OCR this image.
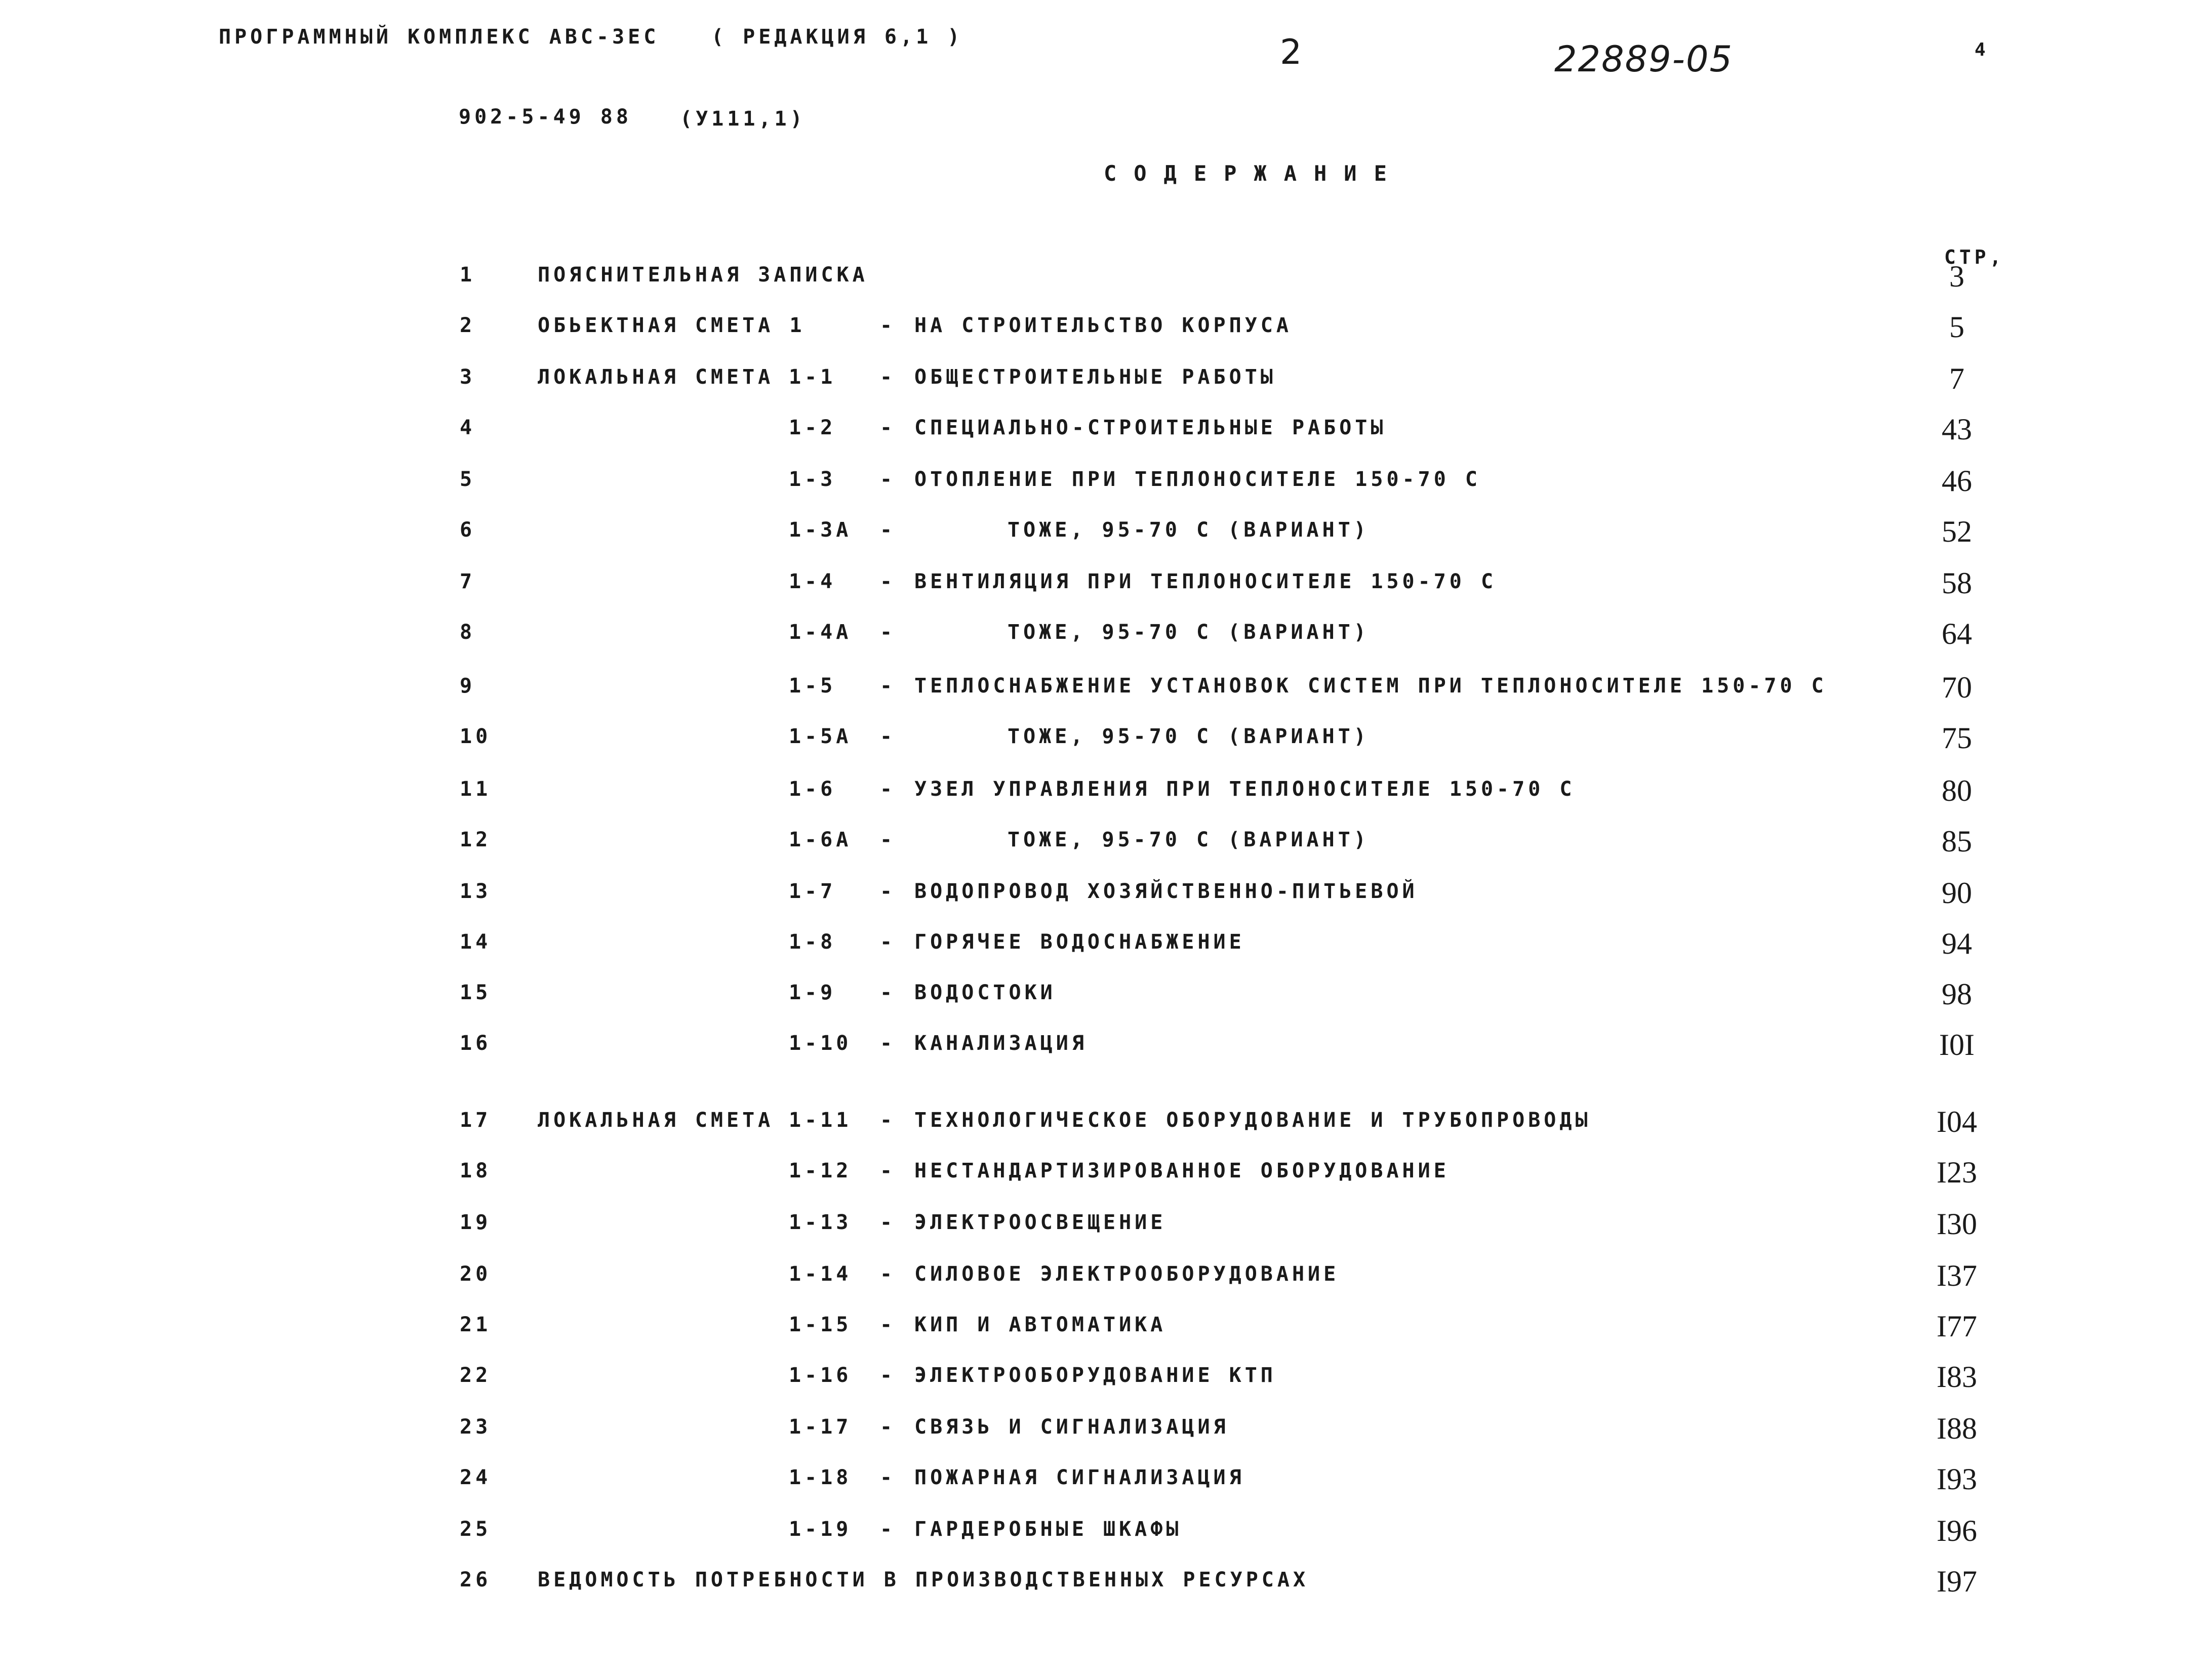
ПРОГРАММНЫЙ КОМПЛЕКС АВС-3ЕС	( РЕДАКЦИЯ 6,1 )	2	22889-05	4
902-5-49 88 (У111,1)
СОДЕРЖАНИЕ
СТР,
1	ПОЯСНИТЕЛЬНАЯ ЗАПИСКА	3
2	ОБЬЕКТНАЯ СМЕТА 1	- НА СТРОИТЕЛЬСТВО КОРПУСА	5
3	ЛОКАЛЬНАЯ СМЕТА 1-1 - ОБЩЕСТРОИТЕЛЬНЫЕ РАБОТЫ	7
4	1-2 - СПЕЦИАЛЬНО-СТРОИТЕЛЬНЫЕ РАБОТЫ	43
5	1-3 - ОТОПЛЕНИЕ ПРИ ТЕПЛОНОСИТЕЛЕ 150-70 С	46
6	1-3А -	ТОЖЕ, 95-70 С (ВАРИАНТ)	52
7	1-4 - ВЕНТИЛЯЦИЯ ПРИ ТЕПЛОНОСИТЕЛЕ 150-70 С	58
8	1-4А -	ТОЖЕ, 95-70 С (ВАРИАНТ)	64
9	1-5 - ТЕПЛОСНАБЖЕНИЕ УСТАНОВОК СИСТЕМ ПРИ ТЕПЛОНОСИТЕЛЕ 150-70 С	70
10	1-5А -	ТОЖЕ, 95-70 С (ВАРИАНТ)	75
11	1-6 - УЗЕЛ УПРАВЛЕНИЯ ПРИ ТЕПЛОНОСИТЕЛЕ 150-70 С	80
12	1-6А -	ТОЖЕ, 95-70 С (ВАРИАНТ)	85
13	1-7 - ВОДОПРОВОД ХОЗЯЙСТВЕННО-ПИТЬЕВОЙ	90
14	1-8 - ГОРЯЧЕЕ ВОДОСНАБЖЕНИЕ	94
15	1-9 - ВОДОСТОКИ	98
16	1-10 - КАНАЛИЗАЦИЯ	I0I
17 ЛОКАЛЬНАЯ СМЕТА 1-11 - ТЕХНОЛОГИЧЕСКОЕ ОБОРУДОВАНИЕ И ТРУБОПРОВОДЫ	I04
18	1-12 - НЕСТАНДАРТИЗИРОВАННОЕ ОБОРУДОВАНИЕ	I23
19	1-13 - ЭЛЕКТРООСВЕЩЕНИЕ	I30
20	1-14 - СИЛОВОЕ ЭЛЕКТРООБОРУДОВАНИЕ	I37
21	1-15 - КИП И АВТОМАТИКА	I77
22	1-16 - ЭЛЕКТРООБОРУДОВАНИЕ КТП	I83
23	1-17 - СВЯЗЬ И СИГНАЛИЗАЦИЯ	I88
24	1-18 - ПОЖАРНАЯ СИГНАЛИЗАЦИЯ	I93
25	1-19 - ГАРДЕРОБНЫЕ ШКАФЫ	I96
26 ВЕДОМОСТЬ ПОТРЕБНОСТИ В ПРОИЗВОДСТВЕННЫХ РЕСУРСАХ	I97
